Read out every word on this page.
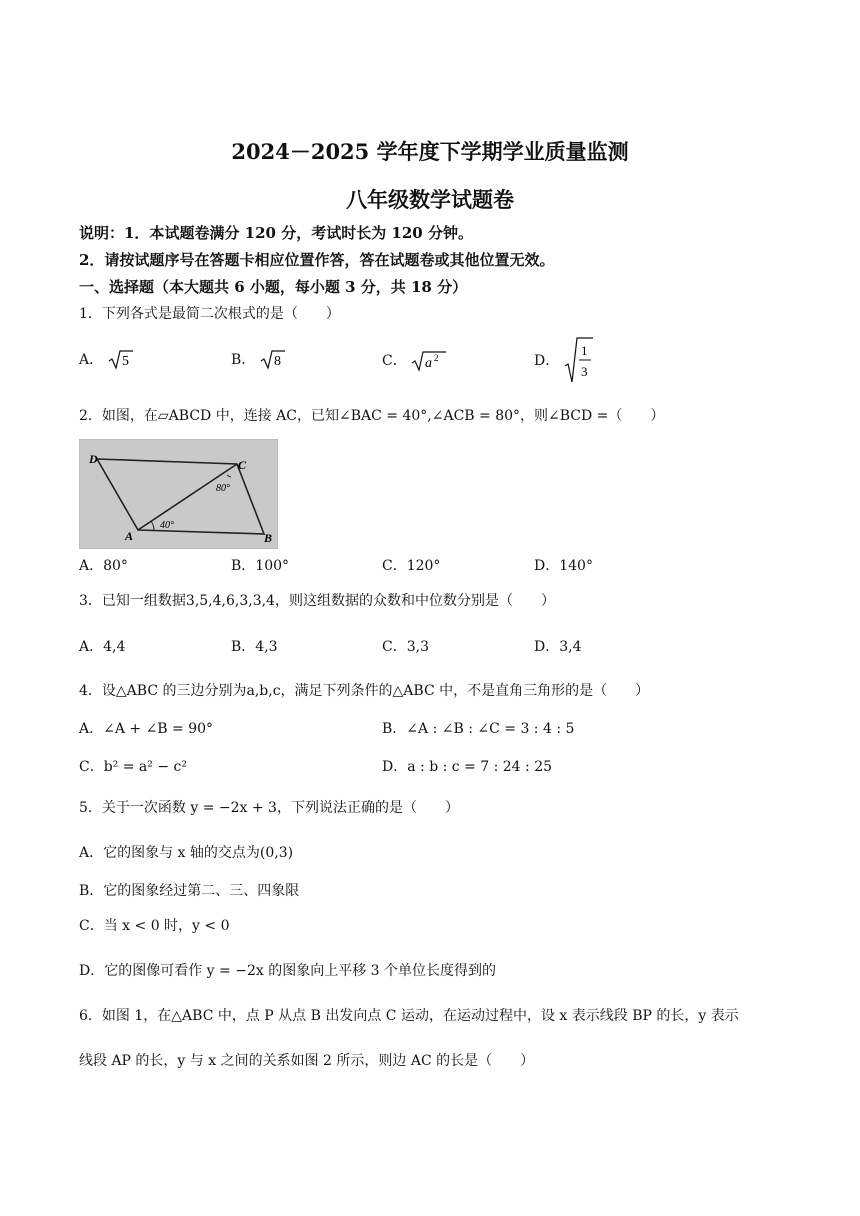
2024－2025 学年度下学期学业质量监测
八年级数学试题卷
说明：1．本试题卷满分 120 分，考试时长为 120 分钟。
2．请按试题序号在答题卡相应位置作答，答在试题卷或其他位置无效。
一、选择题（本大题共 6 小题，每小题 3 分，共 18 分）
1．下列各式是最简二次根式的是（　　）
A． 5	B． 8	C． a 2	D．
1
3
2．如图，在▱ABCD 中，连接 AC，已知∠BAC = 40°,∠ACB = 80°，则∠BCD =（　　）
D	C
A	B
40°
80°
A．80°	B．100°	C．120°	D．140°
3．已知一组数据3,5,4,6,3,3,4，则这组数据的众数和中位数分别是（　　）
A．4,4	B．4,3	C．3,3	D．3,4
4．设△ABC 的三边分别为a,b,c，满足下列条件的△ABC 中，不是直角三角形的是（　　）
A．∠A + ∠B = 90°	B．∠A : ∠B : ∠C = 3 : 4 : 5
C．b² = a² − c²	D．a : b : c = 7 : 24 : 25
5．关于一次函数 y = −2x + 3，下列说法正确的是（　　）
A．它的图象与 x 轴的交点为(0,3)
B．它的图象经过第二、三、四象限
C．当 x < 0 时，y < 0
D．它的图像可看作 y = −2x 的图象向上平移 3 个单位长度得到的
6．如图 1，在△ABC 中，点 P 从点 B 出发向点 C 运动，在运动过程中，设 x 表示线段 BP 的长，y 表示
线段 AP 的长，y 与 x 之间的关系如图 2 所示，则边 AC 的长是（　　）
